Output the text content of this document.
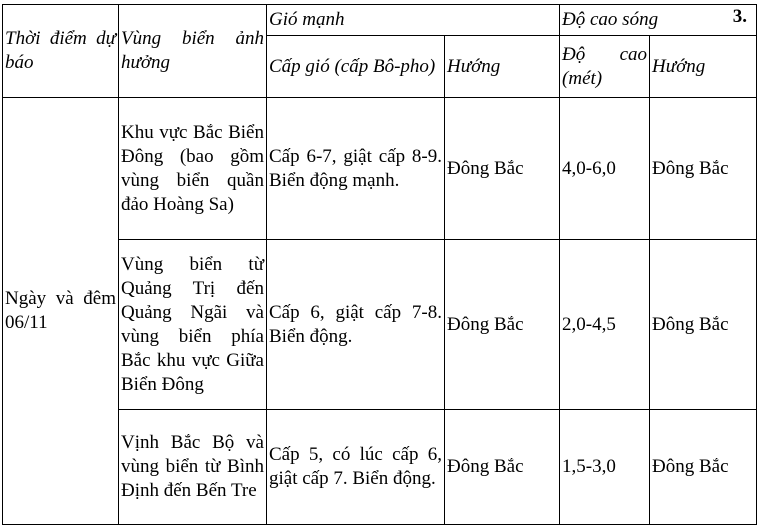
3.
Thời điểm dự báo	Vùng biển ảnh hưởng	Gió mạnh		Độ cao sóng	
		Cấp gió (cấp Bô-pho)	Hướng	Độ cao (mét)	Hướng
Ngày và đêm 06/11	Khu vực Bắc Biển Đông (bao gồm vùng biển quần đảo Hoàng Sa)	Cấp 6-7, giật cấp 8-9. Biển động mạnh.	Đông Bắc	4,0-6,0	Đông Bắc
	Vùng biển từ Quảng Trị đến Quảng Ngãi và vùng biển phía Bắc khu vực Giữa Biển Đông	Cấp 6, giật cấp 7-8. Biển động.	Đông Bắc	2,0-4,5	Đông Bắc
	Vịnh Bắc Bộ và vùng biển từ Bình Định đến Bến Tre	Cấp 5, có lúc cấp 6, giật cấp 7. Biển động.	Đông Bắc	1,5-3,0	Đông Bắc
